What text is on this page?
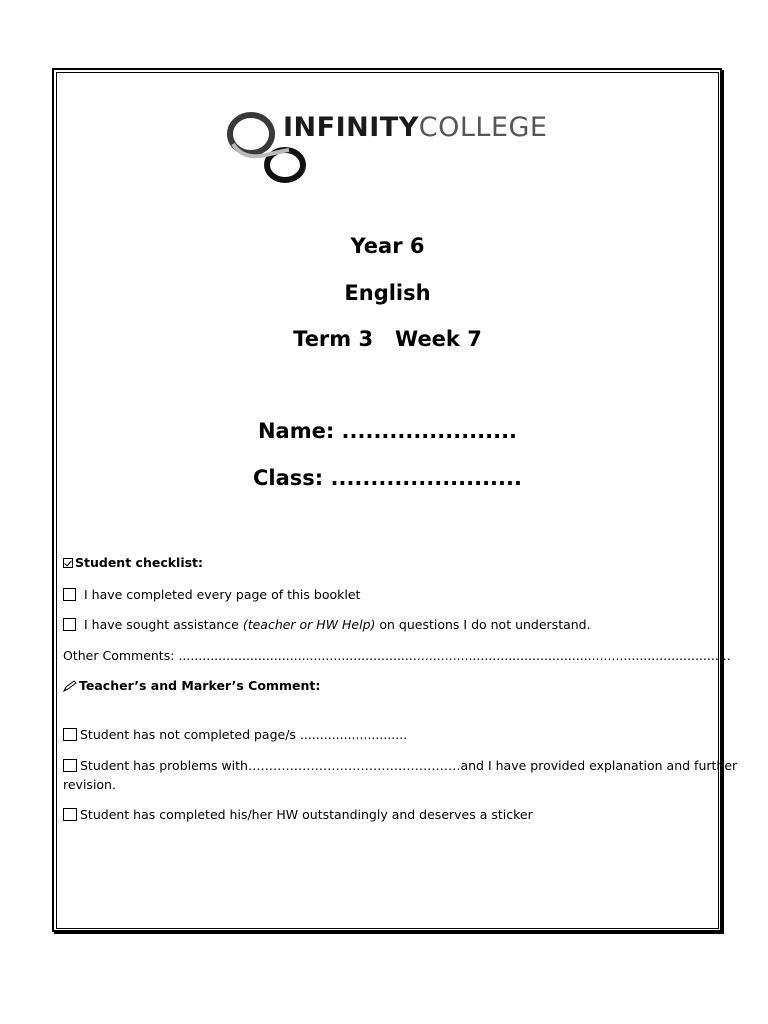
INFINITYCOLLEGE
Year 6
English
Term 3   Week 7
Name: ......................
Class: ........................
Student checklist:
I have completed every page of this booklet
I have sought assistance (teacher or HW Help) on questions I do not understand.
Other Comments: ...........................................................................................................................................
Teacher’s and Marker’s Comment:
Student has not completed page/s ...........................
Student has problems with……………………………………………and I have provided explanation and further
revision.
Student has completed his/her HW outstandingly and deserves a sticker
